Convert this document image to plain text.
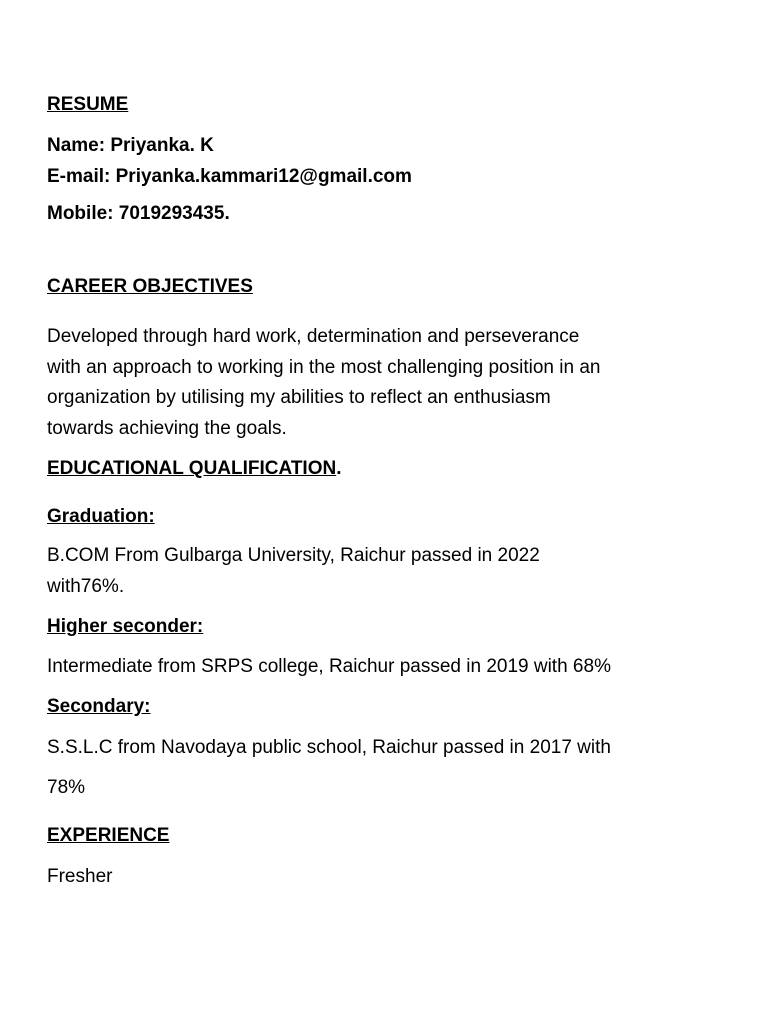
RESUME
Name: Priyanka. K
E-mail: Priyanka.kammari12@gmail.com
Mobile: 7019293435.
CAREER OBJECTIVES
Developed through hard work, determination and perseverance
with an approach to working in the most challenging position in an
organization by utilising my abilities to reflect an enthusiasm
towards achieving the goals.
EDUCATIONAL QUALIFICATION.
Graduation:
B.COM From Gulbarga University, Raichur passed in 2022
with76%.
Higher seconder:
Intermediate from SRPS college, Raichur passed in 2019 with 68%
Secondary:
S.S.L.C from Navodaya public school, Raichur passed in 2017 with
78%
EXPERIENCE
Fresher
